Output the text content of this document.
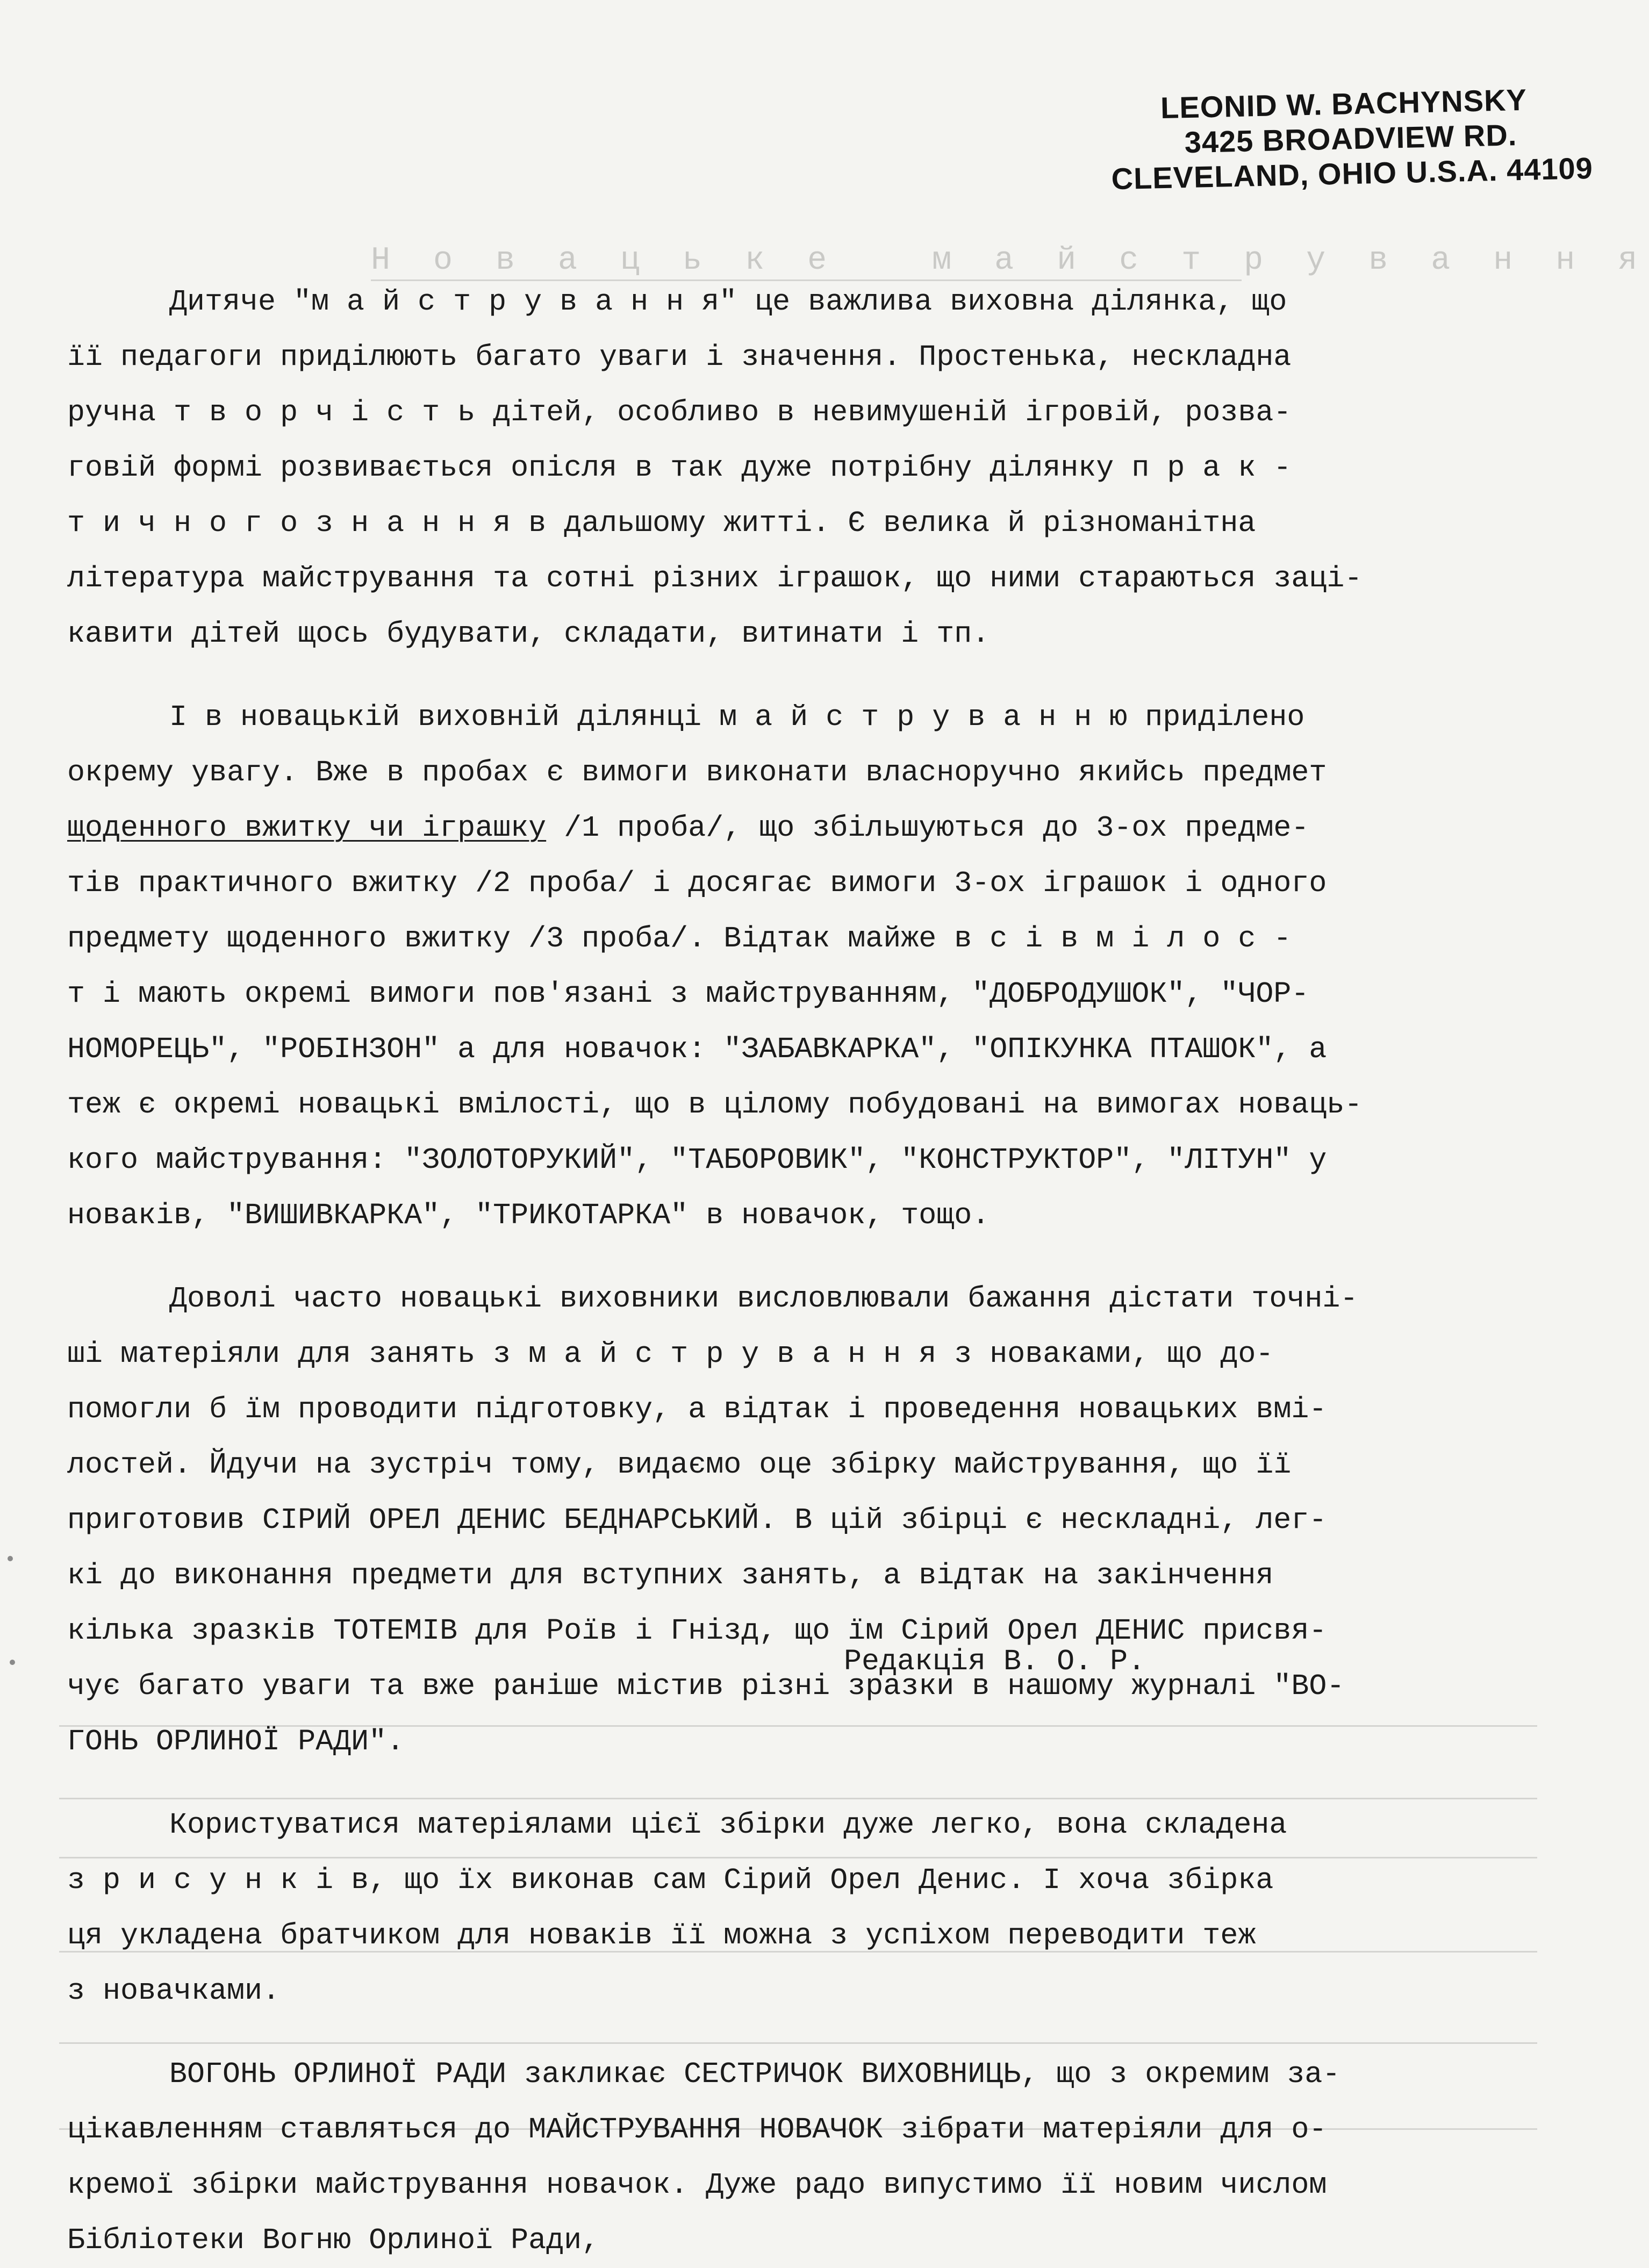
Н о в а ц ь к е   м а й с т р у в а н н я
LEONID W. BACHYNSKY
3425 BROADVIEW RD.
CLEVELAND, OHIO U.S.A. 44109

Дитяче "м а й с т р у в а н н я" це важлива виховна ділянка, що

її педагоги приділюють багато уваги і значення. Простенька, нескладна

ручна т в о р ч і с т ь дітей, особливо в невимушеній ігровій, розва-

говій формі розвивається опісля в так дуже потрібну ділянку п р а к -

т и ч н о г о з н а н н я в дальшому житті. Є велика й різноманітна

література майстрування та сотні різних іграшок, що ними стараються заці-

кавити дітей щось будувати, складати, витинати і тп.

І в новацькій виховній ділянці м а й с т р у в а н н ю приділено

окрему увагу. Вже в пробах є вимоги виконати власноручно якийсь предмет

щоденного вжитку чи іграшку /1 проба/, що збільшуються до 3-ох предме-

тів практичного вжитку /2 проба/ і досягає вимоги 3-ох іграшок і одного

предмету щоденного вжитку /3 проба/. Відтак майже в с і в м і л о с -

т і мають окремі вимоги пов'язані з майструванням, "ДОБРОДУШОК", "ЧОР-

НОМОРЕЦЬ", "РОБІНЗОН" а для новачок: "ЗАБАВКАРКА", "ОПІКУНКА ПТАШОК", а

теж є окремі новацькі вмілості, що в цілому побудовані на вимогах новаць-

кого майстрування: "ЗОЛОТОРУКИЙ", "ТАБОРОВИК", "КОНСТРУКТОР", "ЛІТУН" у

новаків, "ВИШИВКАРКА", "ТРИКОТАРКА" в новачок, тощо.

Доволі часто новацькі виховники висловлювали бажання дістати точні-

ші матеріяли для занять з м а й с т р у в а н н я з новаками, що до-

помогли б їм проводити підготовку, а відтак і проведення новацьких вмі-

лостей. Йдучи на зустріч тому, видаємо оце збірку майстрування, що її

приготовив СІРИЙ ОРЕЛ ДЕНИС БЕДНАРСЬКИЙ. В цій збірці є нескладні, лег-

кі до виконання предмети для вступних занять, а відтак на закінчення

кілька зразків ТОТЕМІВ для Роїв і Гнізд, що їм Сірий Орел ДЕНИС присвя-

чує багато уваги та вже раніше містив різні зразки в нашому журналі "ВО-

ГОНЬ ОРЛИНОЇ РАДИ".

Користуватися матеріялами цієї збірки дуже легко, вона складена

з р и с у н к і в, що їх виконав сам Сірий Орел Денис. І хоча збірка

ця укладена братчиком для новаків її можна з успіхом переводити теж

з новачками.

ВОГОНЬ ОРЛИНОЇ РАДИ закликає СЕСТРИЧОК ВИХОВНИЦЬ, що з окремим за-

цікавленням ставляться до МАЙСТРУВАННЯ НОВАЧОК зібрати матеріяли для о-

кремої збірки майстрування новачок. Дуже радо випустимо її новим числом

Бібліотеки Вогню Орлиної Ради,

Редакція В. О. Р.
